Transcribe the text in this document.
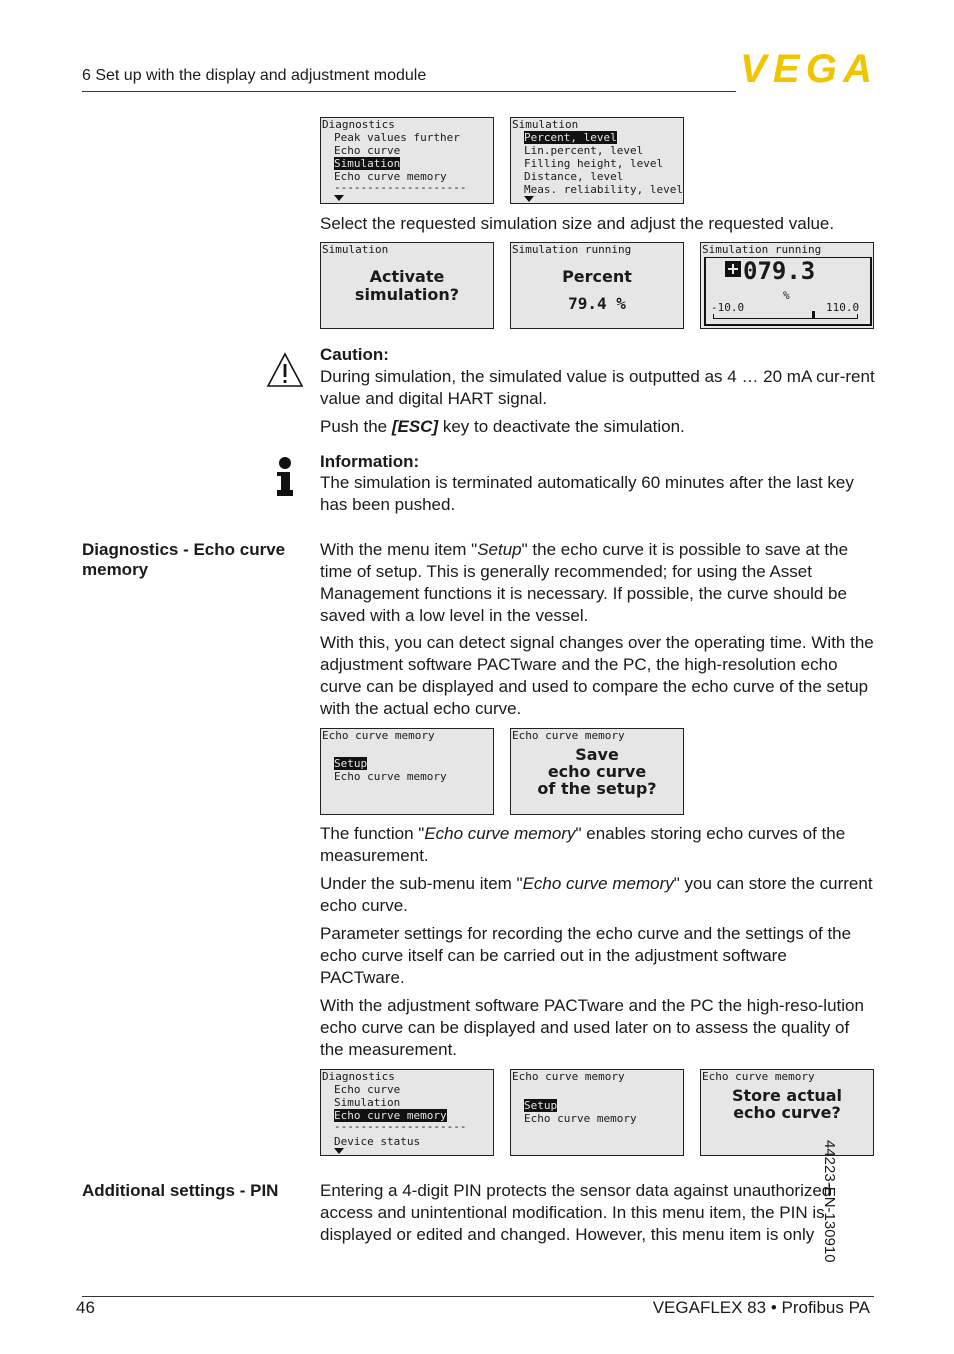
6 Set up with the display and adjustment module	VEGA
Diagnostics
Peak values further
Echo curve
Simulation
Echo curve memory
--------------------
Simulation
Percent, level
Lin.percent, level
Filling height, level
Distance, level
Meas. reliability, level
Select the requested simulation size and adjust the requested value.
Simulation
Activate
simulation?
Simulation running
Percent
79.4 %
Simulation running
079.3
%
-10.0	110.0
Caution:
During simulation, the simulated value is outputted as 4 … 20 mA cur-rent value and digital HART signal.
Push the [ESC] key to deactivate the simulation.
Information:
The simulation is terminated automatically 60 minutes after the last key has been pushed.
Diagnostics - Echo curve memory
With the menu item "Setup" the echo curve it is possible to save at the time of setup. This is generally recommended; for using the Asset Management functions it is necessary. If possible, the curve should be saved with a low level in the vessel.
With this, you can detect signal changes over the operating time. With the adjustment software PACTware and the PC, the high-resolution echo curve can be displayed and used to compare the echo curve of the setup with the actual echo curve.
Echo curve memory
Setup
Echo curve memory
Echo curve memory
Save
echo curve
of the setup?
The function "Echo curve memory" enables storing echo curves of the measurement.
Under the sub-menu item "Echo curve memory" you can store the current echo curve.
Parameter settings for recording the echo curve and the settings of the echo curve itself can be carried out in the adjustment software PACTware.
With the adjustment software PACTware and the PC the high-reso-lution echo curve can be displayed and used later on to assess the quality of the measurement.
Diagnostics
Echo curve
Simulation
Echo curve memory
--------------------
Device status
Echo curve memory
Setup
Echo curve memory
Echo curve memory
Store actual
echo curve?
Additional settings - PIN	Entering a 4-digit PIN protects the sensor data against unauthorized access and unintentional modification. In this menu item, the PIN is displayed or edited and changed. However, this menu item is only 44223-EN-130910
46	VEGAFLEX 83 • Profibus PA
